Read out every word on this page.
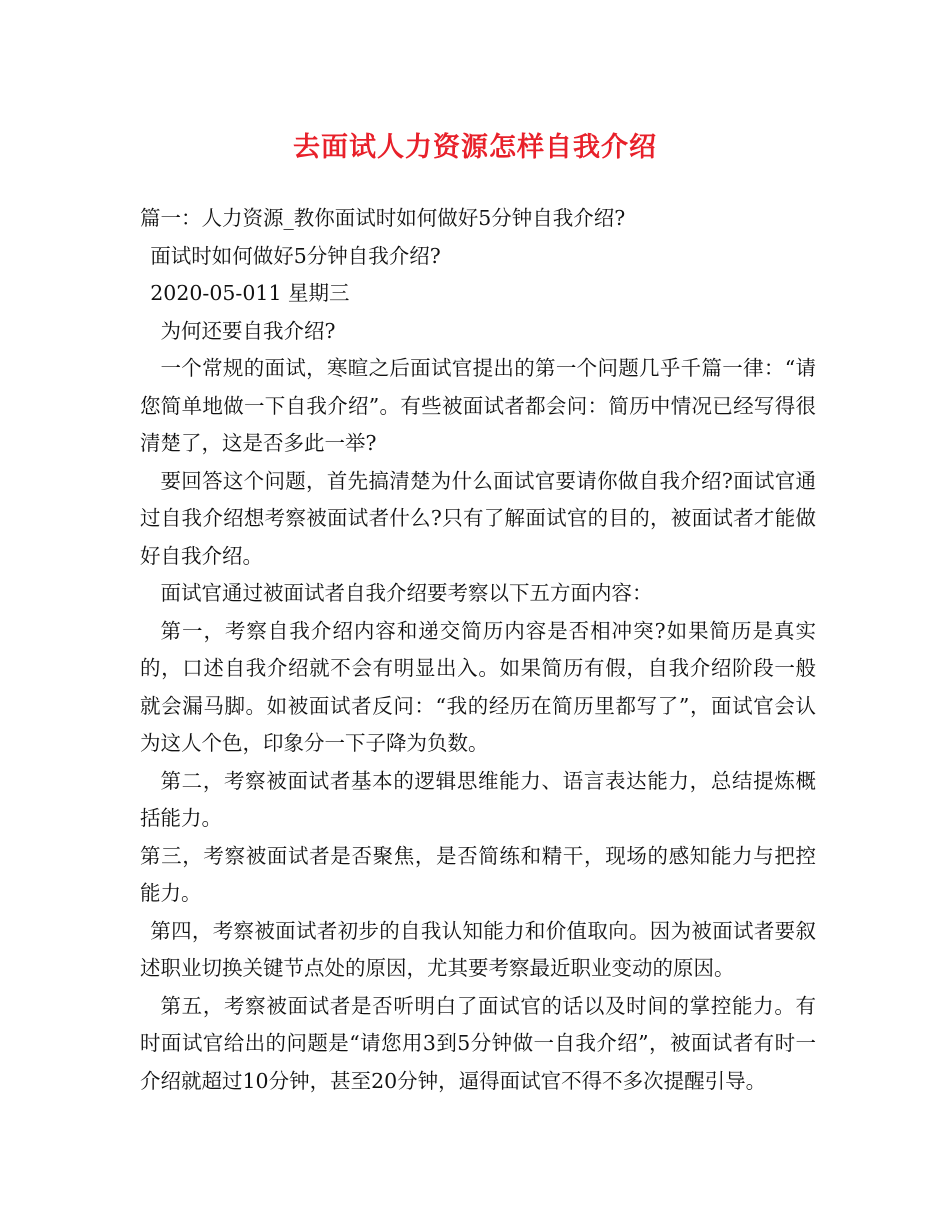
去面试人力资源怎样自我介绍

篇一：人力资源_教你面试时如何做好5分钟自我介绍?

面试时如何做好5分钟自我介绍?

2020-05-011 星期三

为何还要自我介绍?

一个常规的面试，寒暄之后面试官提出的第一个问题几乎千篇一律：“请您简单地做一下自我介绍”。有些被面试者都会问：简历中情况已经写得很清楚了，这是否多此一举?

要回答这个问题，首先搞清楚为什么面试官要请你做自我介绍?面试官通过自我介绍想考察被面试者什么?只有了解面试官的目的，被面试者才能做好自我介绍。

面试官通过被面试者自我介绍要考察以下五方面内容：

第一，考察自我介绍内容和递交简历内容是否相冲突?如果简历是真实的，口述自我介绍就不会有明显出入。如果简历有假，自我介绍阶段一般就会漏马脚。如被面试者反问：“我的经历在简历里都写了”，面试官会认为这人个色，印象分一下子降为负数。

第二，考察被面试者基本的逻辑思维能力、语言表达能力，总结提炼概括能力。

第三，考察被面试者是否聚焦，是否简练和精干，现场的感知能力与把控能力。

第四，考察被面试者初步的自我认知能力和价值取向。因为被面试者要叙述职业切换关键节点处的原因，尤其要考察最近职业变动的原因。

第五，考察被面试者是否听明白了面试官的话以及时间的掌控能力。有时面试官给出的问题是“请您用3到5分钟做一自我介绍”，被面试者有时一介绍就超过10分钟，甚至20分钟，逼得面试官不得不多次提醒引导。
